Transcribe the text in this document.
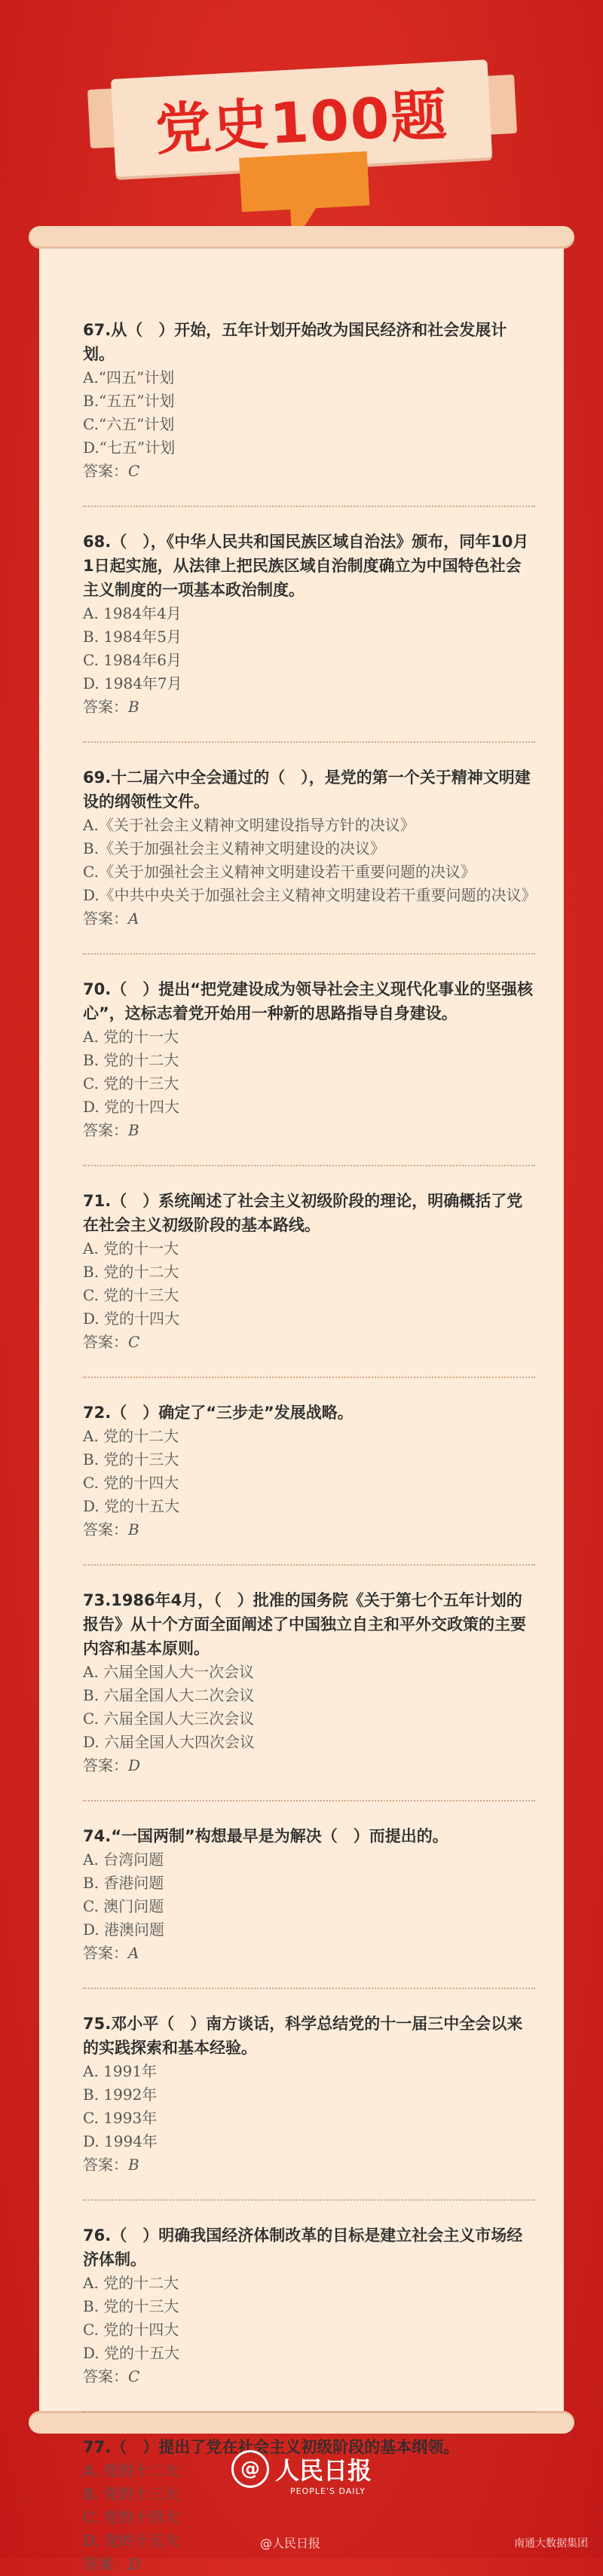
党史100题
67.从（　）开始，五年计划开始改为国民经济和社会发展计划。
A.“四五”计划
B.“五五”计划
C.“六五”计划
D.“七五”计划
答案：C
68.（　），《中华人民共和国民族区域自治法》颁布，同年10月1日起实施，从法律上把民族区域自治制度确立为中国特色社会主义制度的一项基本政治制度。
A. 1984年4月
B. 1984年5月
C. 1984年6月
D. 1984年7月
答案：B
69.十二届六中全会通过的（　），是党的第一个关于精神文明建设的纲领性文件。
A.《关于社会主义精神文明建设指导方针的决议》
B.《关于加强社会主义精神文明建设的决议》
C.《关于加强社会主义精神文明建设若干重要问题的决议》
D.《中共中央关于加强社会主义精神文明建设若干重要问题的决议》
答案：A
70.（　）提出“把党建设成为领导社会主义现代化事业的坚强核心”，这标志着党开始用一种新的思路指导自身建设。
A. 党的十一大
B. 党的十二大
C. 党的十三大
D. 党的十四大
答案：B
71.（　）系统阐述了社会主义初级阶段的理论，明确概括了党在社会主义初级阶段的基本路线。
A. 党的十一大
B. 党的十二大
C. 党的十三大
D. 党的十四大
答案：C
72.（　）确定了“三步走”发展战略。
A. 党的十二大
B. 党的十三大
C. 党的十四大
D. 党的十五大
答案：B
73.1986年4月，（　）批准的国务院《关于第七个五年计划的报告》从十个方面全面阐述了中国独立自主和平外交政策的主要内容和基本原则。
A. 六届全国人大一次会议
B. 六届全国人大二次会议
C. 六届全国人大三次会议
D. 六届全国人大四次会议
答案：D
74.“一国两制”构想最早是为解决（　）而提出的。
A. 台湾问题
B. 香港问题
C. 澳门问题
D. 港澳问题
答案：A
75.邓小平（　）南方谈话，科学总结党的十一届三中全会以来的实践探索和基本经验。
A. 1991年
B. 1992年
C. 1993年
D. 1994年
答案：B
76.（　）明确我国经济体制改革的目标是建立社会主义市场经济体制。
A. 党的十二大
B. 党的十三大
C. 党的十四大
D. 党的十五大
答案：C
77.（　）提出了党在社会主义初级阶段的基本纲领。
A. 党的十二大
B. 党的十三大
C. 党的十四大
D. 党的十五大
答案：D
@人民日报
PEOPLE'S DAILY
@人民日报	南通大数据集团
